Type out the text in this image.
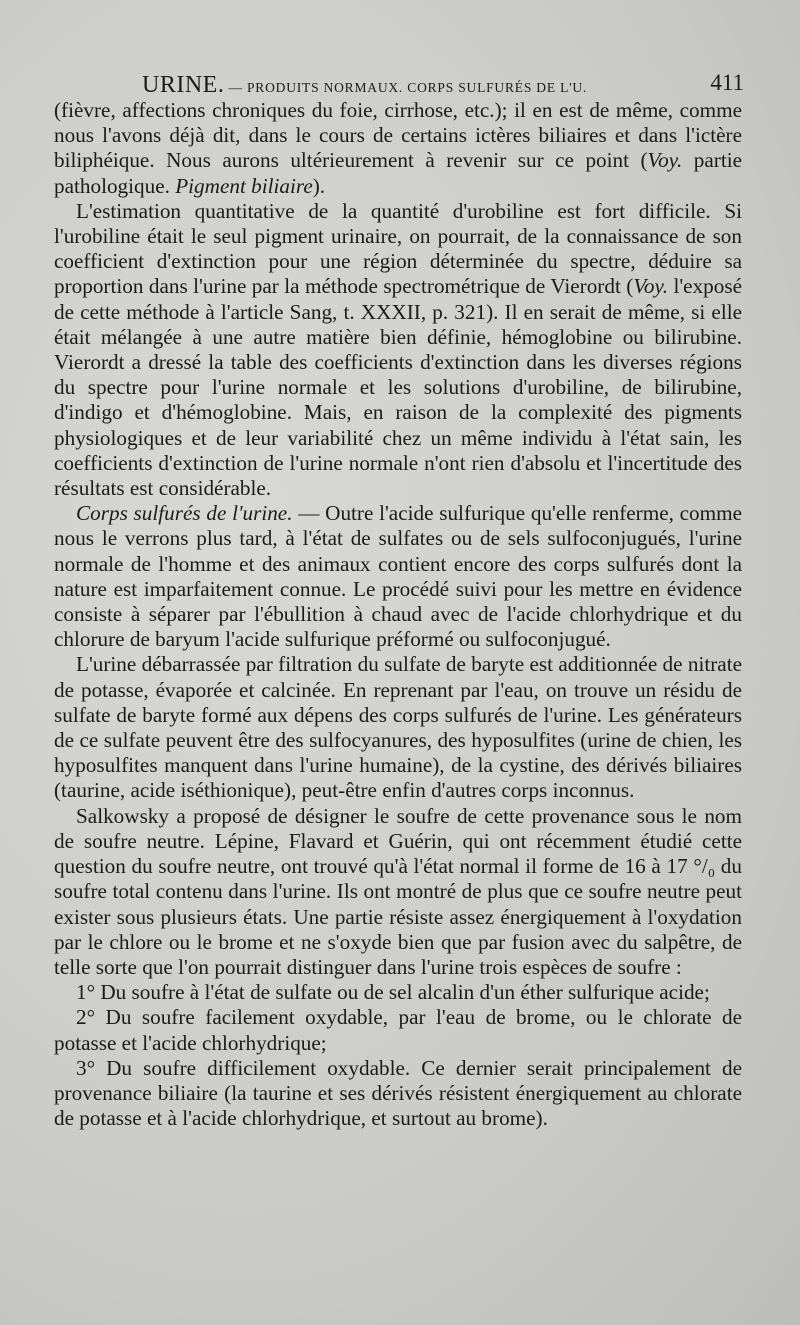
URINE. — PRODUITS NORMAUX. CORPS SULFURÉS DE L'U.	411

(fièvre, affections chroniques du foie, cirrhose, etc.); il en est de même, comme nous l'avons déjà dit, dans le cours de certains ictères biliaires et dans l'ictère biliphéique. Nous aurons ultérieurement à revenir sur ce point (Voy. partie pathologique. Pigment biliaire).

L'estimation quantitative de la quantité d'urobiline est fort difficile. Si l'urobiline était le seul pigment urinaire, on pourrait, de la connaissance de son coefficient d'extinction pour une région déterminée du spectre, déduire sa proportion dans l'urine par la méthode spectrométrique de Vierordt (Voy. l'exposé de cette méthode à l'article Sang, t. XXXII, p. 321). Il en serait de même, si elle était mélangée à une autre matière bien définie, hémoglobine ou bilirubine. Vierordt a dressé la table des coefficients d'extinction dans les diverses régions du spectre pour l'urine normale et les solutions d'urobiline, de bilirubine, d'indigo et d'hémoglobine. Mais, en raison de la complexité des pigments physiologiques et de leur variabilité chez un même individu à l'état sain, les coefficients d'extinction de l'urine normale n'ont rien d'absolu et l'incertitude des résultats est considérable.

Corps sulfurés de l'urine. — Outre l'acide sulfurique qu'elle renferme, comme nous le verrons plus tard, à l'état de sulfates ou de sels sulfoconjugués, l'urine normale de l'homme et des animaux contient encore des corps sulfurés dont la nature est imparfaitement connue. Le procédé suivi pour les mettre en évidence consiste à séparer par l'ébullition à chaud avec de l'acide chlorhydrique et du chlorure de baryum l'acide sulfurique préformé ou sulfoconjugué.

L'urine débarrassée par filtration du sulfate de baryte est additionnée de nitrate de potasse, évaporée et calcinée. En reprenant par l'eau, on trouve un résidu de sulfate de baryte formé aux dépens des corps sulfurés de l'urine. Les générateurs de ce sulfate peuvent être des sulfocyanures, des hyposulfites (urine de chien, les hyposulfites manquent dans l'urine humaine), de la cystine, des dérivés biliaires (taurine, acide iséthionique), peut-être enfin d'autres corps inconnus.

Salkowsky a proposé de désigner le soufre de cette provenance sous le nom de soufre neutre. Lépine, Flavard et Guérin, qui ont récemment étudié cette question du soufre neutre, ont trouvé qu'à l'état normal il forme de 16 à 17 °/₀ du soufre total contenu dans l'urine. Ils ont montré de plus que ce soufre neutre peut exister sous plusieurs états. Une partie résiste assez énergiquement à l'oxydation par le chlore ou le brome et ne s'oxyde bien que par fusion avec du salpêtre, de telle sorte que l'on pourrait distinguer dans l'urine trois espèces de soufre :

1° Du soufre à l'état de sulfate ou de sel alcalin d'un éther sulfurique acide;

2° Du soufre facilement oxydable, par l'eau de brome, ou le chlorate de potasse et l'acide chlorhydrique;

3° Du soufre difficilement oxydable. Ce dernier serait principalement de provenance biliaire (la taurine et ses dérivés résistent énergiquement au chlorate de potasse et à l'acide chlorhydrique, et surtout au brome).
